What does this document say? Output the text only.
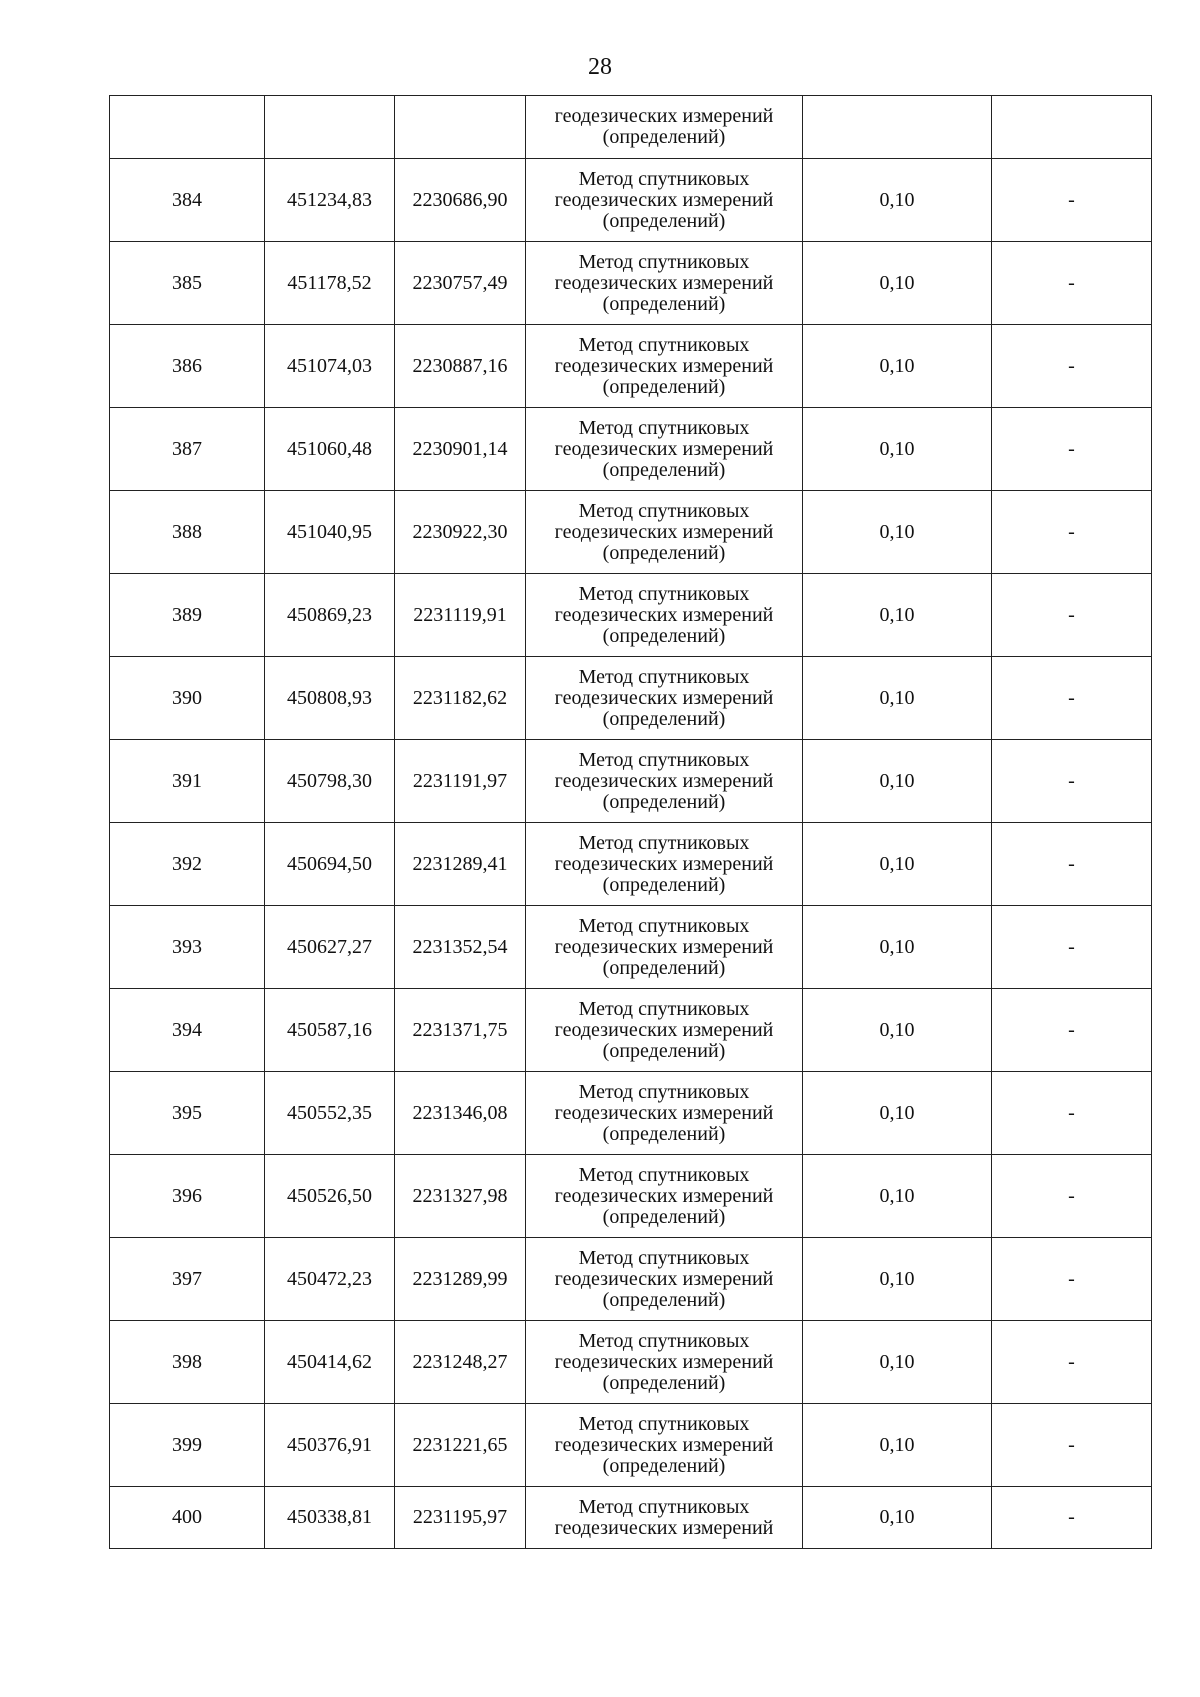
28

			геодезических измерений
(определений)		

384	451234,83	2230686,90	Метод спутниковых
геодезических измерений
(определений)	0,10	-
385	451178,52	2230757,49	Метод спутниковых
геодезических измерений
(определений)	0,10	-
386	451074,03	2230887,16	Метод спутниковых
геодезических измерений
(определений)	0,10	-
387	451060,48	2230901,14	Метод спутниковых
геодезических измерений
(определений)	0,10	-
388	451040,95	2230922,30	Метод спутниковых
геодезических измерений
(определений)	0,10	-
389	450869,23	2231119,91	Метод спутниковых
геодезических измерений
(определений)	0,10	-
390	450808,93	2231182,62	Метод спутниковых
геодезических измерений
(определений)	0,10	-
391	450798,30	2231191,97	Метод спутниковых
геодезических измерений
(определений)	0,10	-
392	450694,50	2231289,41	Метод спутниковых
геодезических измерений
(определений)	0,10	-
393	450627,27	2231352,54	Метод спутниковых
геодезических измерений
(определений)	0,10	-
394	450587,16	2231371,75	Метод спутниковых
геодезических измерений
(определений)	0,10	-
395	450552,35	2231346,08	Метод спутниковых
геодезических измерений
(определений)	0,10	-
396	450526,50	2231327,98	Метод спутниковых
геодезических измерений
(определений)	0,10	-
397	450472,23	2231289,99	Метод спутниковых
геодезических измерений
(определений)	0,10	-
398	450414,62	2231248,27	Метод спутниковых
геодезических измерений
(определений)	0,10	-
399	450376,91	2231221,65	Метод спутниковых
геодезических измерений
(определений)	0,10	-
400	450338,81	2231195,97	Метод спутниковых
геодезических измерений	0,10	-
